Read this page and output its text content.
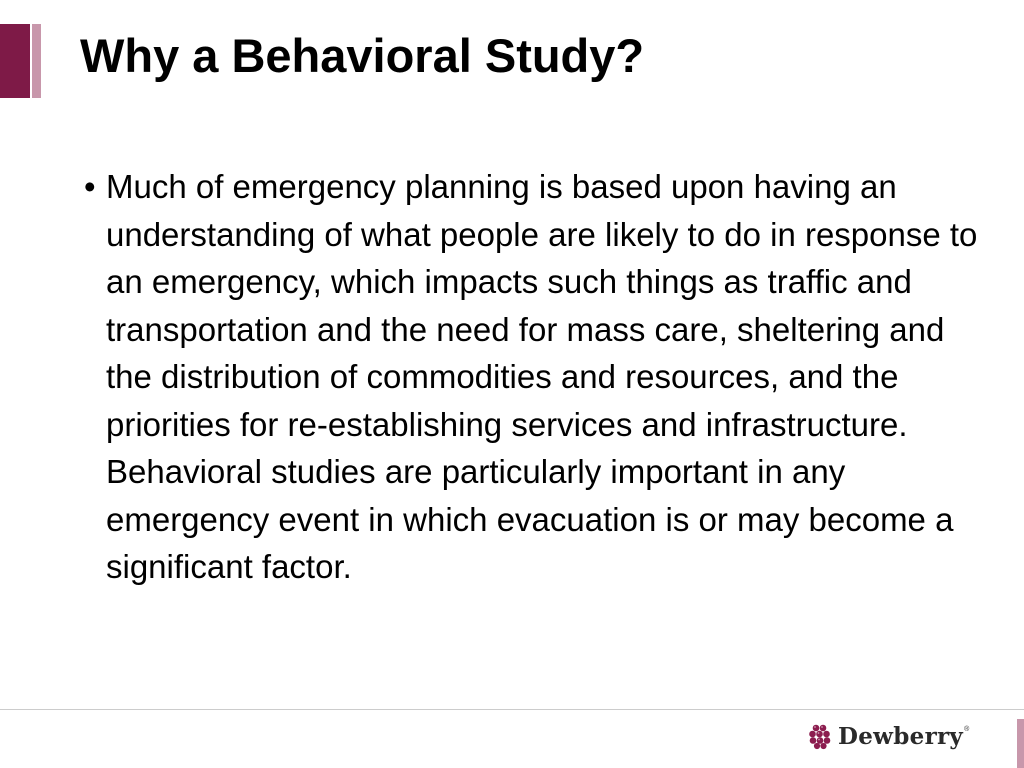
Why a Behavioral Study?
• Much of emergency planning is based upon having an understanding of what people are likely to do in response to an emergency, which impacts such things as traffic and transportation and the need for mass care, sheltering and the distribution of commodities and resources, and the priorities for re-establishing services and infrastructure.  Behavioral studies are particularly important in any emergency event in which evacuation is or may become a significant factor.
Dewberry ®
